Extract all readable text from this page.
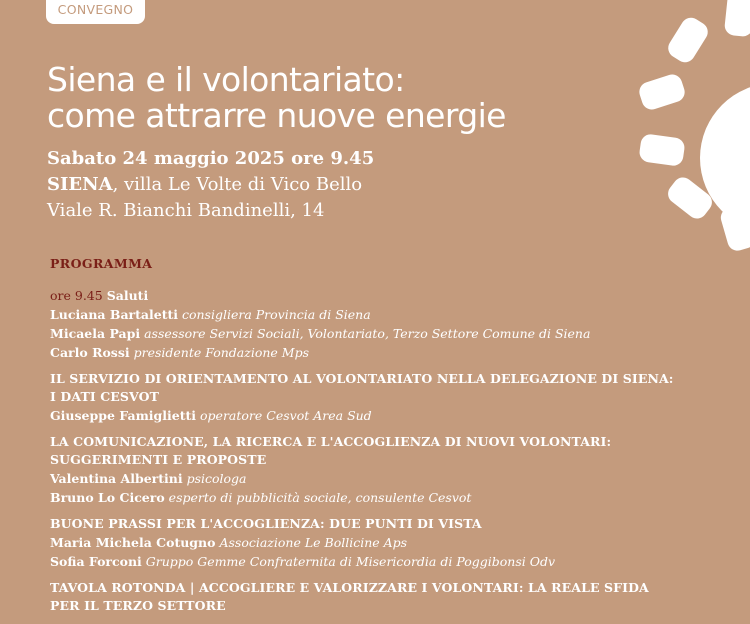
CONVEGNO
Siena e il volontariato:
come attrarre nuove energie
Sabato 24 maggio 2025 ore 9.45
SIENA, villa Le Volte di Vico Bello
Viale R. Bianchi Bandinelli, 14
PROGRAMMA
ore 9.45 Saluti
Luciana Bartaletti consigliera Provincia di Siena
Micaela Papi assessore Servizi Sociali, Volontariato, Terzo Settore Comune di Siena
Carlo Rossi presidente Fondazione Mps
IL SERVIZIO DI ORIENTAMENTO AL VOLONTARIATO NELLA DELEGAZIONE DI SIENA:
I DATI CESVOT
Giuseppe Famiglietti operatore Cesvot Area Sud
LA COMUNICAZIONE, LA RICERCA E L'ACCOGLIENZA DI NUOVI VOLONTARI:
SUGGERIMENTI E PROPOSTE
Valentina Albertini psicologa
Bruno Lo Cicero esperto di pubblicità sociale, consulente Cesvot
BUONE PRASSI PER L'ACCOGLIENZA: DUE PUNTI DI VISTA
Maria Michela Cotugno Associazione Le Bollicine Aps
Sofia Forconi Gruppo Gemme Confraternita di Misericordia di Poggibonsi Odv
TAVOLA ROTONDA | ACCOGLIERE E VALORIZZARE I VOLONTARI: LA REALE SFIDA
PER IL TERZO SETTORE
